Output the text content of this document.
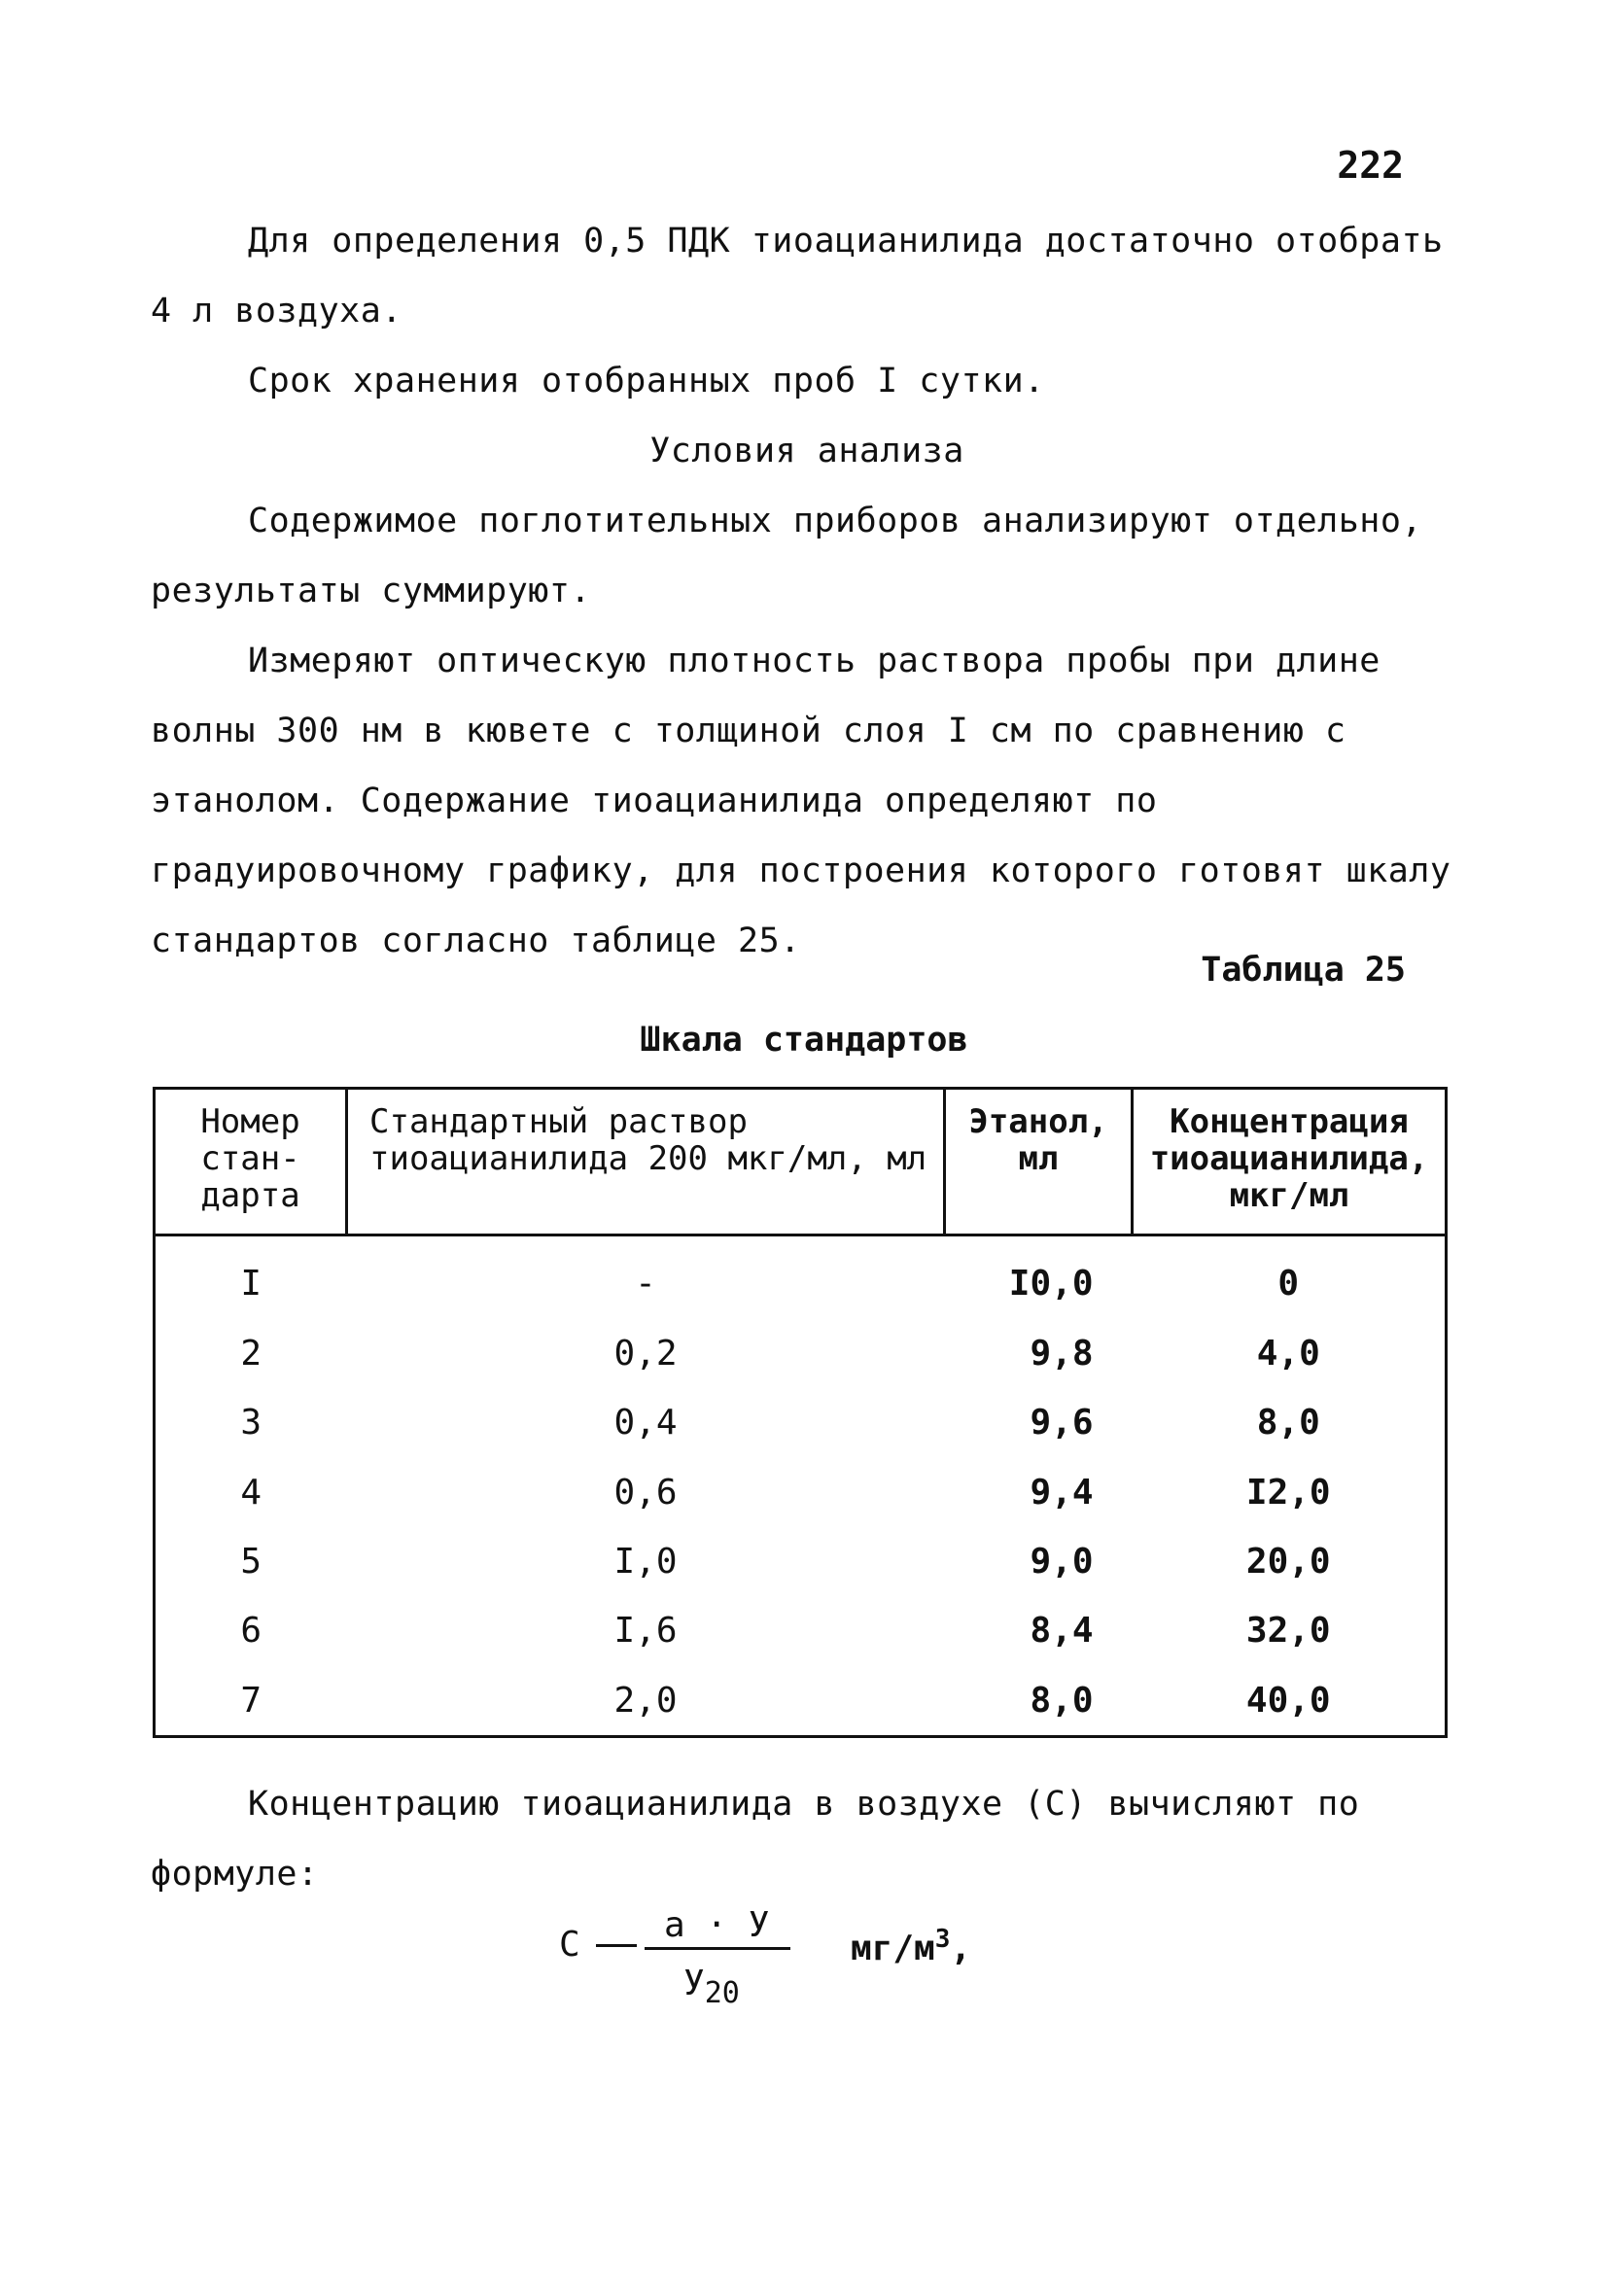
222

Для определения 0,5 ПДК тиоацианилида достаточно отобрать 4 л воздуха.

Срок хранения отобранных проб I сутки.

Условия анализа

Содержимое поглотительных приборов анализируют отдельно, результаты суммируют.

Измеряют оптическую плотность раствора пробы при длине волны 300 нм в кювете с толщиной слоя I см по сравнению с этанолом. Содержание тиоацианилида определяют по градуировочному графику, для построения которого готовят шкалу стандартов согласно таблице 25.

Таблица 25
Шкала стандартов
Номер стан-дарта	Стандартный раствор тиоацианилида 200 мкг/мл, мл	Этанол, мл	Концентрация тиоацианилида, мкг/мл
I	-	I0,0	0
2	0,2	9,8	4,0
3	0,4	9,6	8,0
4	0,6	9,4	I2,0
5	I,0	9,0	20,0
6	I,6	8,4	32,0
7	2,0	8,0	40,0

Концентрацию тиоацианилида в воздухе (С) вычисляют по формуле:

С а · У
$У_{20}$
$мг/м^3$,
